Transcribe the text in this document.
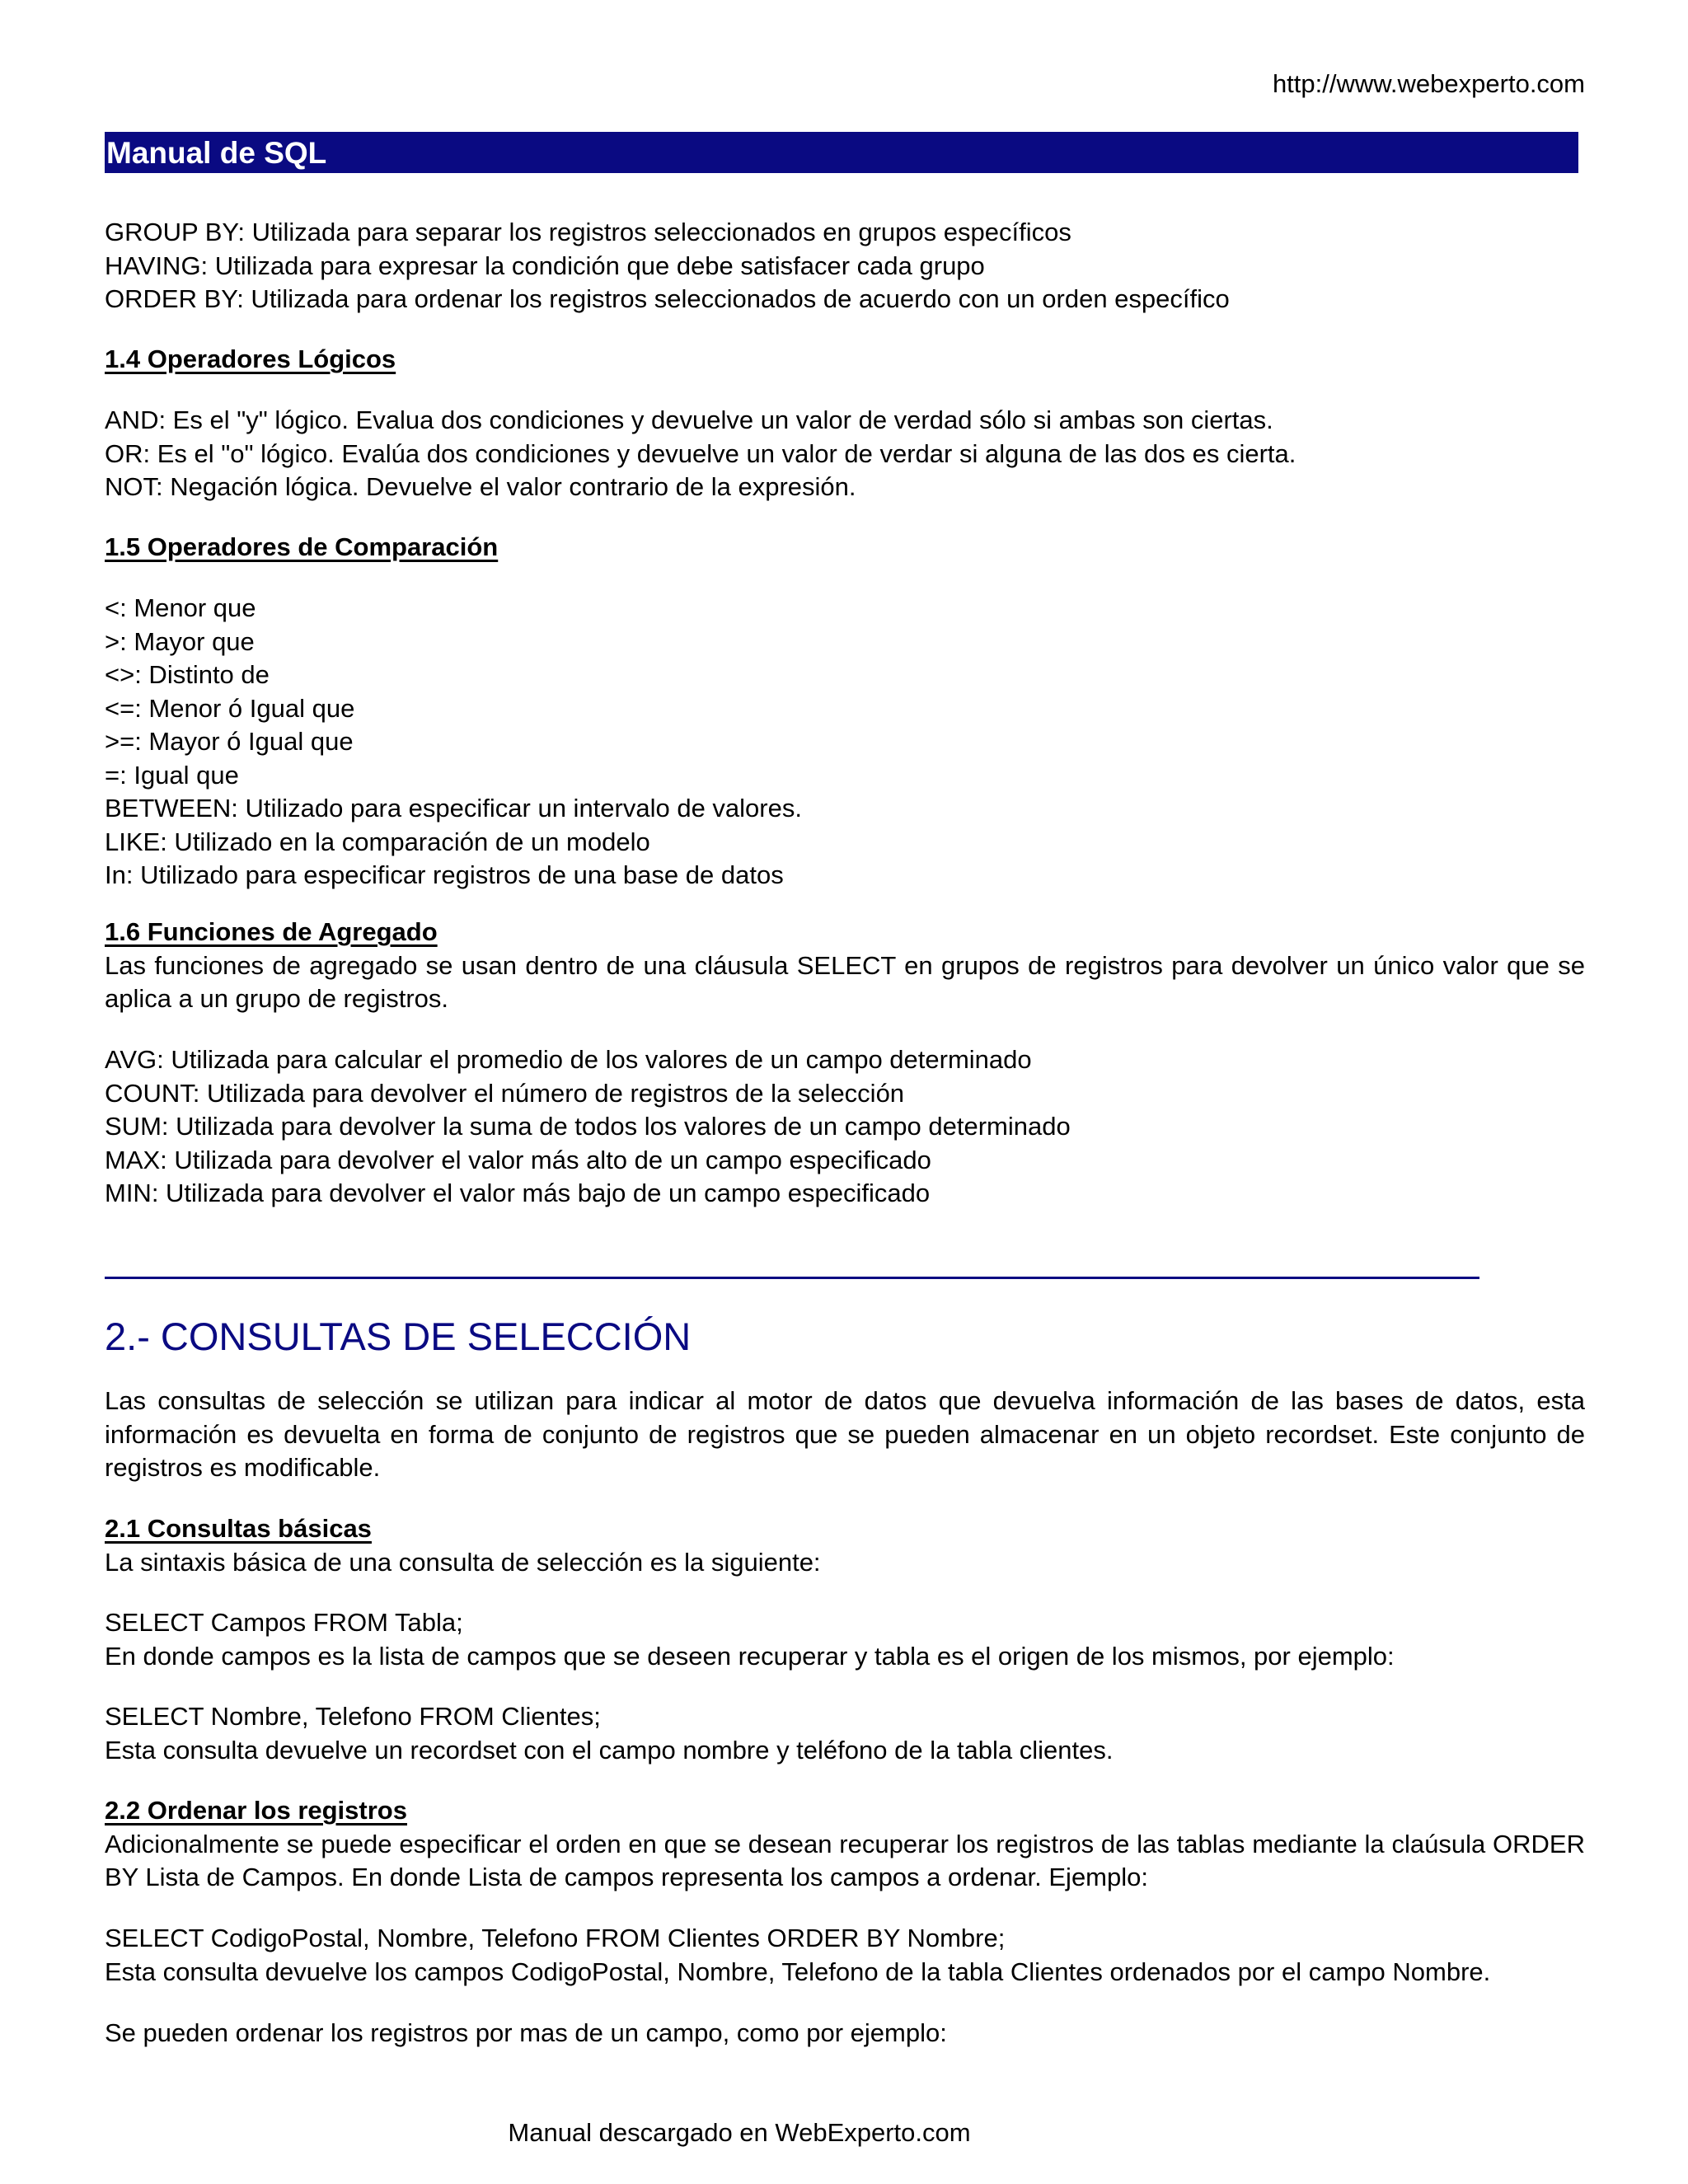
http://www.webexperto.com
Manual de SQL
GROUP BY: Utilizada para separar los registros seleccionados en grupos específicos
HAVING: Utilizada para expresar la condición que debe satisfacer cada grupo
ORDER BY: Utilizada para ordenar los registros seleccionados de acuerdo con un orden específico
1.4 Operadores Lógicos
AND: Es el "y" lógico. Evalua dos condiciones y devuelve un valor de verdad sólo si ambas son ciertas.
OR: Es el "o" lógico. Evalúa dos condiciones y devuelve un valor de verdar si alguna de las dos es cierta.
NOT: Negación lógica. Devuelve el valor contrario de la expresión.
1.5 Operadores de Comparación
<: Menor que
>: Mayor que
<>: Distinto de
<=: Menor ó Igual que
>=: Mayor ó Igual que
=: Igual que
BETWEEN: Utilizado para especificar un intervalo de valores.
LIKE: Utilizado en la comparación de un modelo
In: Utilizado para especificar registros de una base de datos
1.6 Funciones de Agregado
Las funciones de agregado se usan dentro de una cláusula SELECT en grupos de registros para devolver un único valor que se aplica a un grupo de registros.
AVG: Utilizada para calcular el promedio de los valores de un campo determinado
COUNT: Utilizada para devolver el número de registros de la selección
SUM: Utilizada para devolver la suma de todos los valores de un campo determinado
MAX: Utilizada para devolver el valor más alto de un campo especificado
MIN: Utilizada para devolver el valor más bajo de un campo especificado
2.- CONSULTAS DE SELECCIÓN
Las consultas de selección se utilizan para indicar al motor de datos que devuelva información de las bases de datos, esta información es devuelta en forma de conjunto de registros que se pueden almacenar en un objeto recordset. Este conjunto de registros es modificable.
2.1 Consultas básicas
La sintaxis básica de una consulta de selección es la siguiente:
SELECT Campos FROM Tabla;
En donde campos es la lista de campos que se deseen recuperar y tabla es el origen de los mismos, por ejemplo:
SELECT Nombre, Telefono FROM Clientes;
Esta consulta devuelve un recordset con el campo nombre y teléfono de la tabla clientes.
2.2 Ordenar los registros
Adicionalmente se puede especificar el orden en que se desean recuperar los registros de las tablas mediante la claúsula ORDER BY Lista de Campos. En donde Lista de campos representa los campos a ordenar. Ejemplo:
SELECT CodigoPostal, Nombre, Telefono FROM Clientes ORDER BY Nombre;
Esta consulta devuelve los campos CodigoPostal, Nombre, Telefono de la tabla Clientes ordenados por el campo Nombre.
Se pueden ordenar los registros por mas de un campo, como por ejemplo:
Manual descargado en WebExperto.com
